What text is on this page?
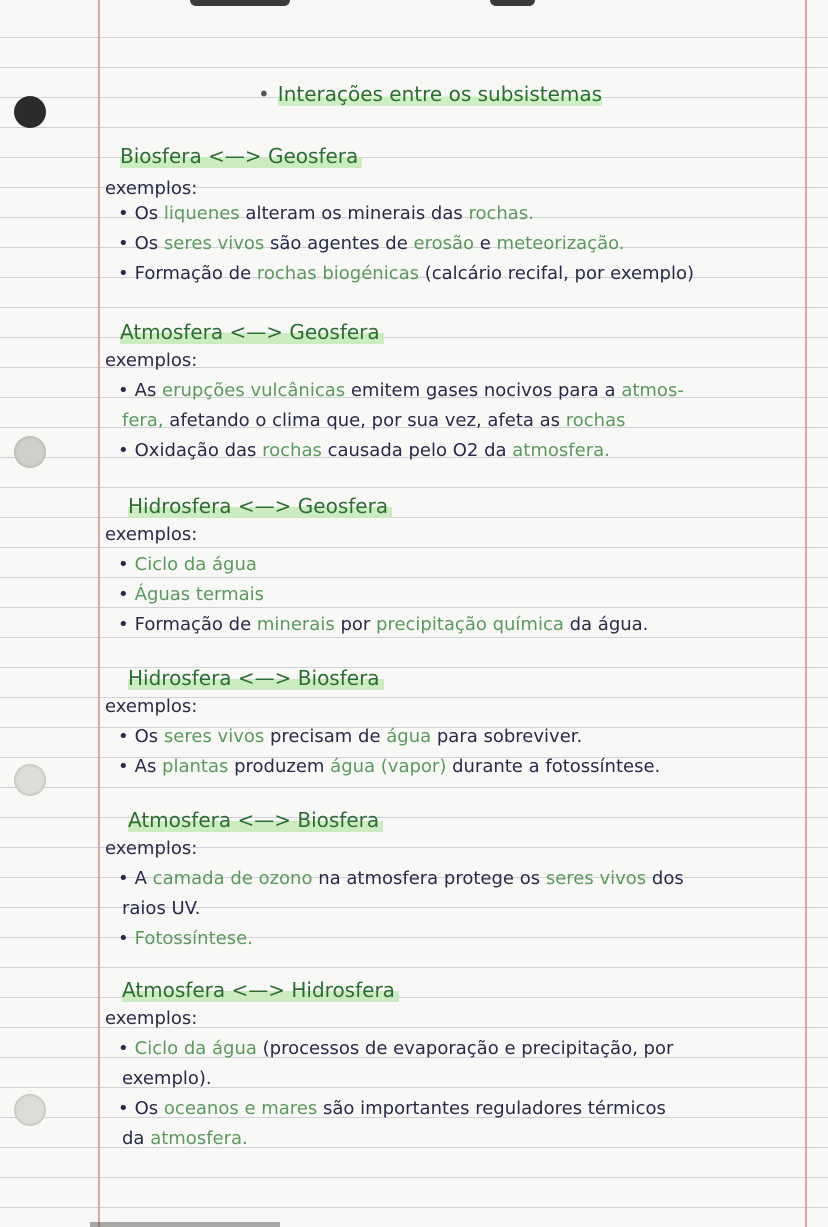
• Interações entre os subsistemas
Biosfera <—> Geosfera
exemplos:
• Os liquenes alteram os minerais das rochas.
• Os seres vivos são agentes de erosão e meteorização.
• Formação de rochas biogénicas (calcário recifal, por exemplo)
Atmosfera <—> Geosfera
exemplos:
• As erupções vulcânicas emitem gases nocivos para a atmos-
fera, afetando o clima que, por sua vez, afeta as rochas
• Oxidação das rochas causada pelo O2 da atmosfera.
Hidrosfera <—> Geosfera
exemplos:
• Ciclo da água
• Águas termais
• Formação de minerais por precipitação química da água.
Hidrosfera <—> Biosfera
exemplos:
• Os seres vivos precisam de água para sobreviver.
• As plantas produzem água (vapor) durante a fotossíntese.
Atmosfera <—> Biosfera
exemplos:
• A camada de ozono na atmosfera protege os seres vivos dos
raios UV.
• Fotossíntese.
Atmosfera <—> Hidrosfera
exemplos:
• Ciclo da água (processos de evaporação e precipitação, por
exemplo).
• Os oceanos e mares são importantes reguladores térmicos
da atmosfera.
